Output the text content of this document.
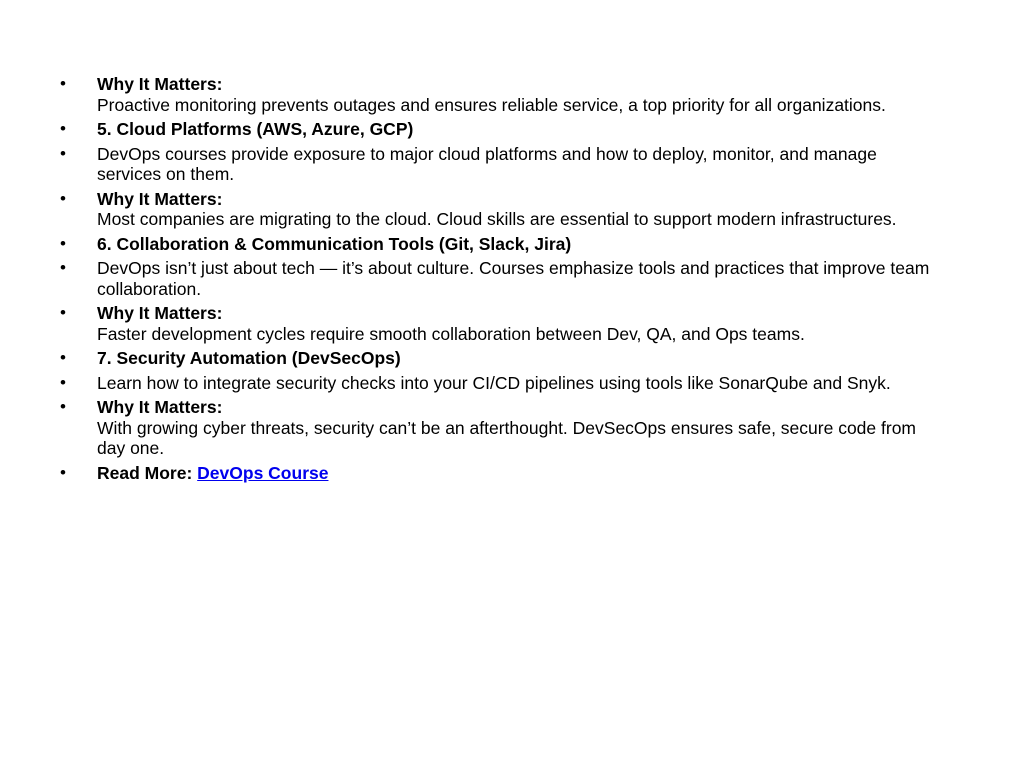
•	Why It Matters:
Proactive monitoring prevents outages and ensures reliable service, a top priority for all organizations.
•	5. Cloud Platforms (AWS, Azure, GCP)
•	DevOps courses provide exposure to major cloud platforms and how to deploy, monitor, and manage services on them.
•	Why It Matters:
Most companies are migrating to the cloud. Cloud skills are essential to support modern infrastructures.
•	6. Collaboration & Communication Tools (Git, Slack, Jira)
•	DevOps isn’t just about tech — it’s about culture. Courses emphasize tools and practices that improve team collaboration.
•	Why It Matters:
Faster development cycles require smooth collaboration between Dev, QA, and Ops teams.
•	7. Security Automation (DevSecOps)
•	Learn how to integrate security checks into your CI/CD pipelines using tools like SonarQube and Snyk.
•	Why It Matters:
With growing cyber threats, security can’t be an afterthought. DevSecOps ensures safe, secure code from day one.
•	Read More: DevOps Course
